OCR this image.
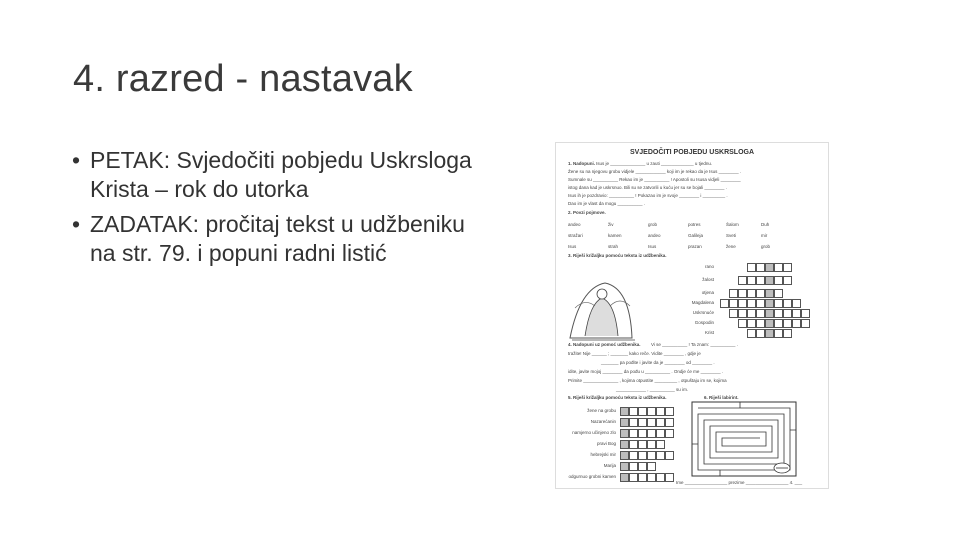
4. razred - nastavak
• PETAK: Svjedočiti pobjedu Uskrsloga Krista – rok do utorka
• ZADATAK: pročitaj tekst u udžbeniku na str. 79. i popuni radni listić
SVJEDOČITI POBJEDU USKRSLOGA
1. Nadopuni. Isus je ______________ u zauti _____________ u tjednu.
Žene su na njegovu grobu vidjele ____________ koji im je rekao da je Isus ________ .
Sumnale su __________ Rekao im je __________ ! Apostoli su Isusa vidjeli ________
istog dana kad je uskrsnuo. Bili su se zatvorili u kuću jer su se bojali ________ .
Isus ih je pozdravio: __________ ! Pokazao im je svoje ________ i _________ .
Dao im je vlast da mogu __________ .
2. Povzi pojmove.
andeo	živ	grob	potres	Šalom	Duh
stražari	kamen	andeo	Galileja	Sveti	mir
Isus	strah	Isus	prazan	žene	grob
3. Riješi križaljku pomoću teksta iz udžbenika.
rano
žalost
otjena
Magdalena
Uskrsnuće
Gospodin
Krist
4. Nadopuni uz pomoć udžbenika. Vi se __________ ! Ta znam: __________ .
tražite! Nije ______ ; _______ kako reče. Vidite ________ , gdje je
_______ pa pođite i javite da je ________ od ________ .
idite, javite mojoj ________ da pođu u __________ . Ondje će me ________ .
Primite ______________ , kojima otpustite _________ , otpuštaju im se, kojima
____________ , __________ su im.
5. Riješi križaljku pomoću teksta iz udžbenika.	6. Riješi labirint.
žene na grobu
Nazarećanin
namjerno učinjeno zlo
pravi Bog
hebrejski mir
Marija
odgurnuo grobni kamen
Ime _________________ prezime _________________ 4. ___
